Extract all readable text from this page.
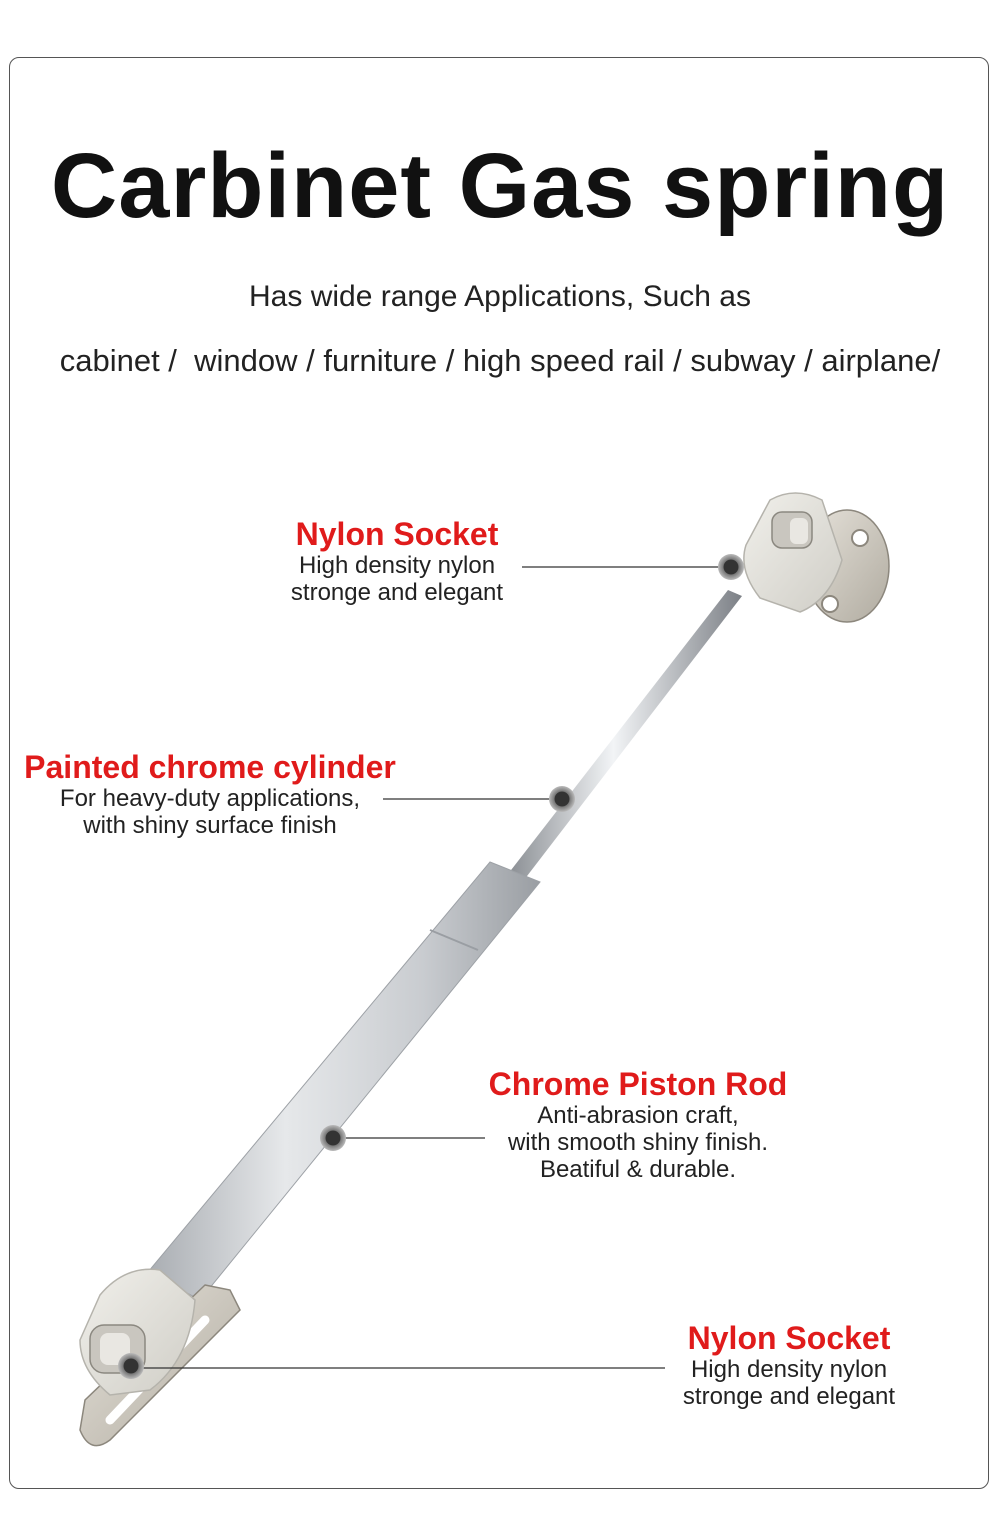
Carbinet Gas spring
Has wide range Applications, Such as
cabinet /  window / furniture / high speed rail / subway / airplane/
Nylon Socket
High density nylon
stronge and elegant
Painted chrome cylinder
For heavy-duty applications,
with shiny surface finish
Chrome Piston Rod
Anti-abrasion craft,
with smooth shiny finish.
Beatiful & durable.
Nylon Socket
High density nylon
stronge and elegant
